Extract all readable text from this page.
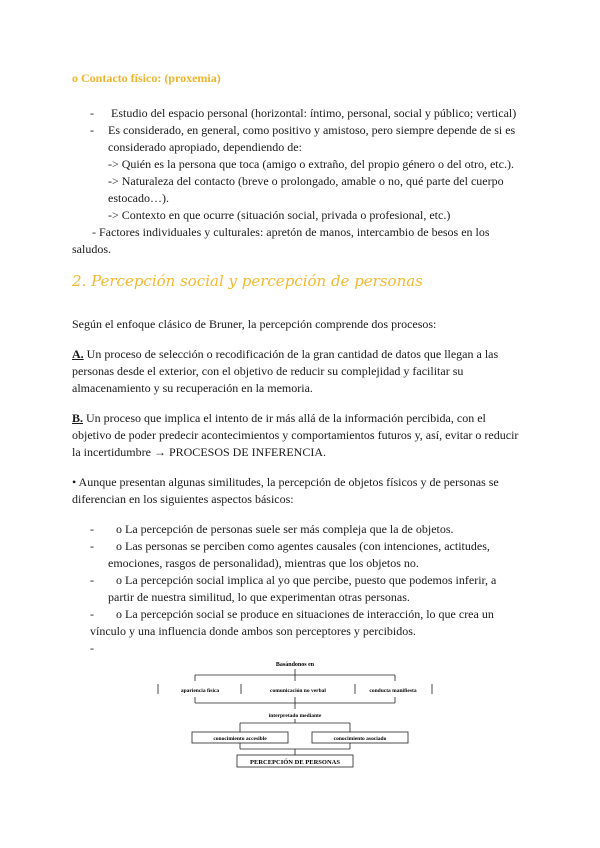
o Contacto físico: (proxemia)
- Estudio del espacio personal (horizontal: íntimo, personal, social y público; vertical)
- Es considerado, en general, como positivo y amistoso, pero siempre depende de si es
considerado apropiado, dependiendo de:
-> Quién es la persona que toca (amigo o extraño, del propio género o del otro, etc.).
-> Naturaleza del contacto (breve o prolongado, amable o no, qué parte del cuerpo
estocado…).
-> Contexto en que ocurre (situación social, privada o profesional, etc.)
- Factores individuales y culturales: apretón de manos, intercambio de besos en los
saludos.
2. Percepción social y percepción de personas
Según el enfoque clásico de Bruner, la percepción comprende dos procesos:
A. Un proceso de selección o recodificación de la gran cantidad de datos que llegan a las
personas desde el exterior, con el objetivo de reducir su complejidad y facilitar su
almacenamiento y su recuperación en la memoria.
B. Un proceso que implica el intento de ir más allá de la información percibida, con el
objetivo de poder predecir acontecimientos y comportamientos futuros y, así, evitar o reducir
la incertidumbre → PROCESOS DE INFERENCIA.
• Aunque presentan algunas similitudes, la percepción de objetos físicos y de personas se
diferencian en los siguientes aspectos básicos:
- o La percepción de personas suele ser más compleja que la de objetos.
- o Las personas se perciben como agentes causales (con intenciones, actitudes,
emociones, rasgos de personalidad), mientras que los objetos no.
- o La percepción social implica al yo que percibe, puesto que podemos inferir, a
partir de nuestra similitud, lo que experimentan otras personas.
- o La percepción social se produce en situaciones de interacción, lo que crea un
vínculo y una influencia donde ambos son perceptores y percibidos.
-
Basándonos en
apariencia física	comunicación no verbal	conducta manifiesta
interpretado mediante
conocimiento accesible	conocimiento asociado
PERCEPCIÓN DE PERSONAS
